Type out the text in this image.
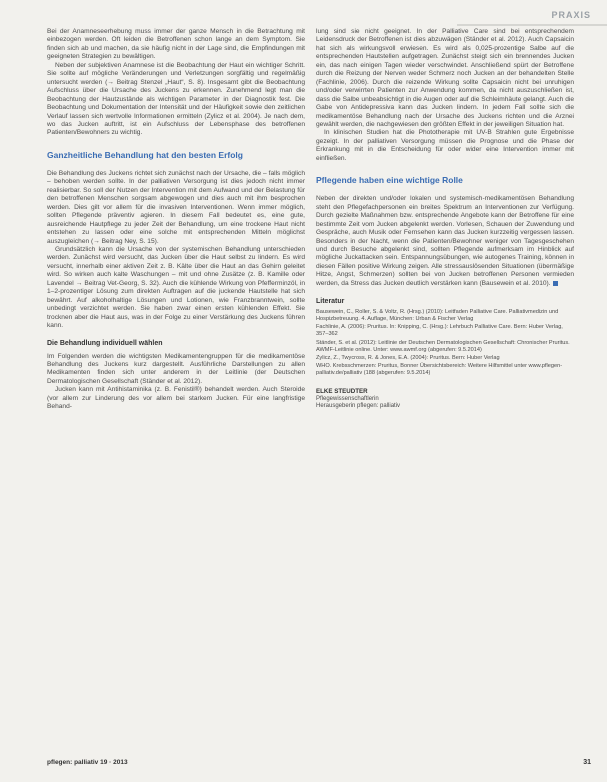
PRAXIS

Bei der Anamneseerhebung muss immer der ganze Mensch in die Betrachtung mit einbezogen werden. Oft leiden die Betroffenen schon lange an dem Symptom. Sie finden sich ab und machen, da sie häufig nicht in der Lage sind, die Empfindungen mit geeigneten Strategien zu bewältigen.

Neben der subjektiven Anamnese ist die Beobachtung der Haut ein wichtiger Schritt. Sie sollte auf mögliche Veränderungen und Verletzungen sorgfältig und regelmäßig untersucht werden (→ Beitrag Stenzel „Haut“, S. 8). Insgesamt gibt die Beobachtung Aufschluss über die Ursache des Juckens zu erkennen. Zunehmend legt man die Beobachtung der Hautzustände als wichtigen Parameter in der Diagnostik fest. Die Beobachtung und Dokumentation der Intensität und der Häufigkeit sowie den zeitlichen Verlauf lassen sich wertvolle Informationen ermitteln (Zylicz et al. 2004). Je nach dem, wo das Jucken auftritt, ist ein Aufschluss der Lebensphase des betroffenen Patienten/Bewohners zu wichtig.

Ganzheitliche Behandlung hat den besten Erfolg

Die Behandlung des Juckens richtet sich zunächst nach der Ursache, die – falls möglich – behoben werden sollte. In der palliativen Versorgung ist dies jedoch nicht immer realisierbar. So soll der Nutzen der Intervention mit dem Aufwand und der Belastung für den betroffenen Menschen sorgsam abgewogen und dies auch mit ihm besprochen werden. Dies gilt vor allem für die invasiven Interventionen. Wenn immer möglich, sollten Pflegende präventiv agieren. In diesem Fall bedeutet es, eine gute, ausreichende Hautpflege zu jeder Zeit der Behandlung, um eine trockene Haut nicht entstehen zu lassen oder eine solche mit entsprechenden Mitteln möglichst auszugleichen (→ Beitrag Ney, S. 15).

Grundsätzlich kann die Ursache von der systemischen Behandlung unterschieden werden. Zunächst wird versucht, das Jucken über die Haut selbst zu lindern. Es wird versucht, innerhalb einer aktiven Zeit z. B. Kälte über die Haut an das Gehirn geleitet wird. So wirken auch kalte Waschungen – mit und ohne Zusätze (z. B. Kamille oder Lavendel → Beitrag Vet-Georg, S. 32). Auch die kühlende Wirkung von Pfefferminzöl, in 1–2-prozentiger Lösung zum direkten Auftragen auf die juckende Hautstelle hat sich bewährt. Auf alkoholhaltige Lösungen und Lotionen, wie Franzbranntwein, sollte unbedingt verzichtet werden. Sie haben zwar einen ersten kühlenden Effekt. Sie trocknen aber die Haut aus, was in der Folge zu einer Verstärkung des Juckens führen kann.

Die Behandlung individuell wählen

Im Folgenden werden die wichtigsten Medikamentengruppen für die medikamentöse Behandlung des Juckens kurz dargestellt. Ausführliche Darstellungen zu allen Medikamenten finden sich unter anderem in der Leitlinie (der Deutschen Dermatologischen Gesellschaft (Ständer et al. 2012).

Jucken kann mit Antihistaminika (z. B. Fenistil®) behandelt werden. Auch Steroide (vor allem zur Linderung des vor allem bei starkem Jucken. Für eine langfristige Behand-

lung sind sie nicht geeignet. In der Palliative Care sind bei entsprechendem Leidensdruck der Betroffenen ist dies abzuwägen (Ständer et al. 2012). Auch Capsaicin hat sich als wirkungsvoll erwiesen. Es wird als 0,025-prozentige Salbe auf die entsprechenden Hautstellen aufgetragen. Zunächst steigt sich ein brennendes Jucken ein, das nach einigen Tagen wieder verschwindet. Anschließend spürt der Betroffene durch die Reizung der Nerven weder Schmerz noch Jucken an der behandelten Stelle (Fachlinie, 2006). Durch die reizende Wirkung sollte Capsaicin nicht bei unruhigen und/oder verwirrten Patienten zur Anwendung kommen, da nicht auszuschließen ist, dass die Salbe unbeabsichtigt in die Augen oder auf die Schleimhäute gelangt. Auch die Gabe von Antidepressiva kann das Jucken lindern. In jedem Fall sollte sich die medikamentöse Behandlung nach der Ursache des Juckens richten und die Arznei gewählt werden, die nachgewiesen den größten Effekt in der jeweiligen Situation hat.

In klinischen Studien hat die Phototherapie mit UV-B Strahlen gute Ergebnisse gezeigt. In der palliativen Versorgung müssen die Prognose und die Phase der Erkrankung mit in die Entscheidung für oder wider eine Intervention immer mit einfließen.

Pflegende haben eine wichtige Rolle

Neben der direkten und/oder lokalen und systemisch-medikamentösen Behandlung steht den Pflegefachpersonen ein breites Spektrum an Interventionen zur Verfügung. Durch gezielte Maßnahmen bzw. entsprechende Angebote kann der Betroffene für eine bestimmte Zeit vom Jucken abgelenkt werden. Vorlesen, Schauen der Zuwendung und Gespräche, auch Musik oder Fernsehen kann das Jucken kurzzeitig vergessen lassen. Besonders in der Nacht, wenn die Patienten/Bewohner weniger von Tagesgeschehen und durch Besuche abgelenkt sind, sollten Pflegende aufmerksam im Hinblick auf mögliche Juckattacken sein. Entspannungsübungen, wie autogenes Training, können in diesen Fällen positive Wirkung zeigen. Alle stressauslösenden Situationen (übermäßige Hitze, Angst, Schmerzen) sollten bei von Jucken betroffenen Personen vermieden werden, da Stress das Jucken deutlich verstärken kann (Bausewein et al. 2010).

Literatur
Bausewein, C., Roller, S. & Voltz, R. (Hrsg.) (2010): Leitfaden Palliative Care. Palliativmedizin und Hospizbetreuung. 4. Auflage, München: Urban & Fischer Verlag
Fachlinie, A. (2006): Pruritus. In: Knipping, C. (Hrsg.): Lehrbuch Palliative Care. Bern: Huber Verlag, 357–362
Ständer, S. et al. (2012): Leitlinie der Deutschen Dermatologischen Gesellschaft: Chronischer Pruritus. AWMF-Leitlinie online. Unter: www.awmf.org (abgerufen: 9.5.2014)
Zylicz, Z., Twycross, R. & Jones, E.A. (2004): Pruritus. Bern: Huber Verlag
WHO. Krebsschmerzen: Pruritus, Bonner Übersichtsbereich: Weitere Hilfsmittel unter www.pflegen-palliativ.de/palliativ (188 (abgerufen: 9.5.2014)
ELKE STEUDTER
Pflegewissenschaftlerin
Herausgeberin pflegen: palliativ
pflegen: palliativ 19 · 2013	31
